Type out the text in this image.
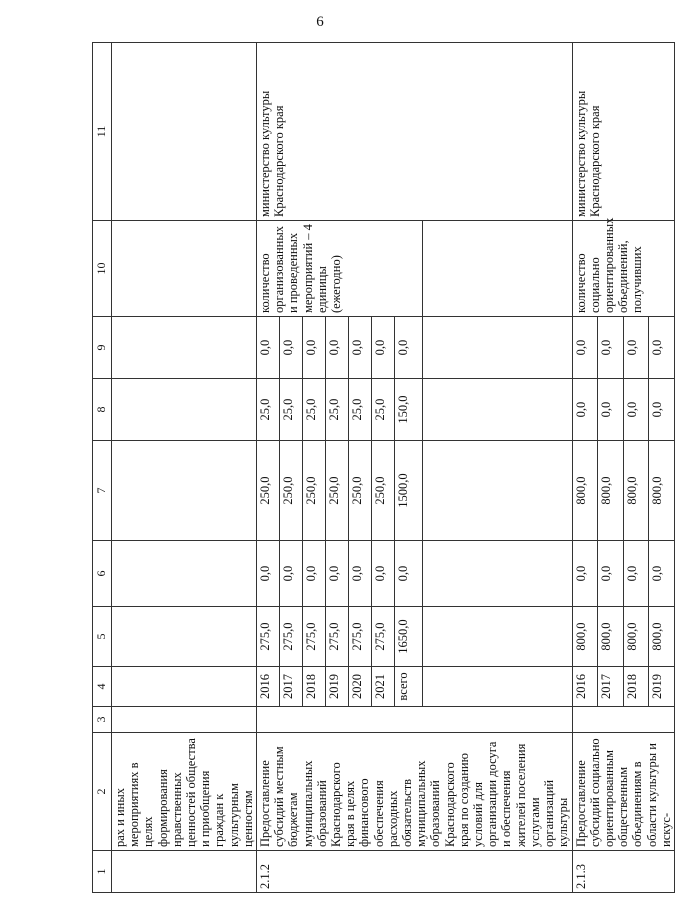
6
1	2	3	4	5	6	7	8	9	10	11
	рах и иных мероприятиях в целях формирования нравственных ценностей общества и приобщения граждан к культурным ценностям									
2.1.2	Предоставление субсидий местным бюджетам муниципальных образований Краснодарского края в целях финансового обеспечения расходных обязательств муниципальных образований Краснодарского края по созданию условий для организации досуга и обеспечения жителей поселения услугами организаций культуры		2016	275,0	0,0	250,0	25,0	0,0	количество организованных и проведенных мероприятий – 4 единицы (ежегодно)	министерство культуры Краснодарского края
			2017	275,0	0,0	250,0	25,0	0,0		
			2018	275,0	0,0	250,0	25,0	0,0		
			2019	275,0	0,0	250,0	25,0	0,0		
			2020	275,0	0,0	250,0	25,0	0,0		
			2021	275,0	0,0	250,0	25,0	0,0		
			всего	1650,0	0,0	1500,0	150,0	0,0		

2.1.3	Предоставление субсидий социально ориентированным общественным объединениям в области культуры и искус-		2016	800,0	0,0	800,0	0,0	0,0	количество социально ориентированных объединений, получивших	министерство культуры Краснодарского края
			2017	800,0	0,0	800,0	0,0	0,0		
			2018	800,0	0,0	800,0	0,0	0,0		
			2019	800,0	0,0	800,0	0,0	0,0		
